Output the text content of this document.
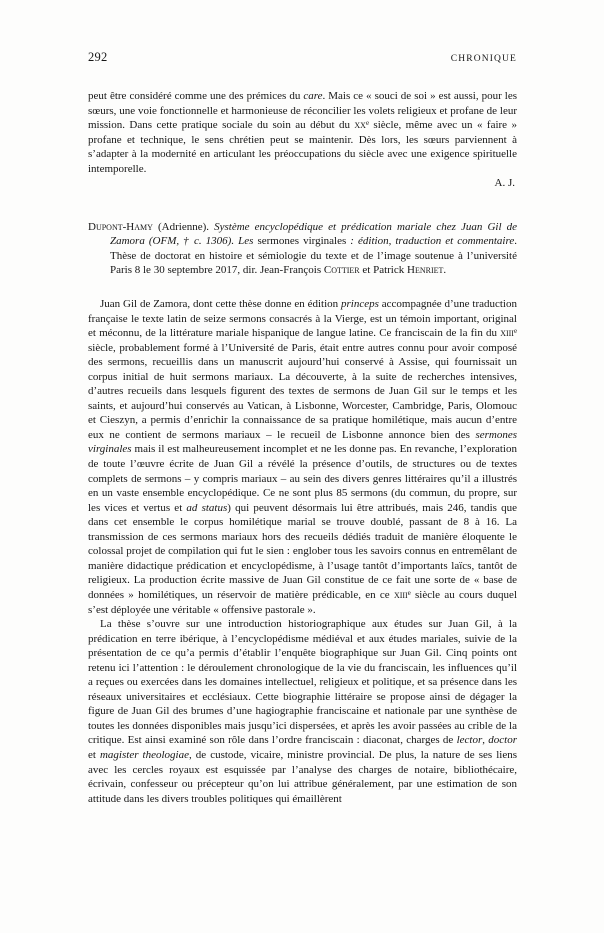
292	CHRONIQUE

peut être considéré comme une des prémices du care. Mais ce « souci de soi » est aussi, pour les sœurs, une voie fonctionnelle et harmonieuse de réconcilier les volets religieux et profane de leur mission. Dans cette pratique sociale du soin au début du $xx^e$ siècle, même avec un « faire » profane et technique, le sens chrétien peut se maintenir. Dès lors, les sœurs parviennent à s’adapter à la modernité en articulant les préoccupations du siècle avec une exigence spirituelle intemporelle.

A. J.

Dupont-Hamy (Adrienne). Système encyclopédique et prédication mariale chez Juan Gil de Zamora (OFM, † c. 1306). Les sermones virginales : édition, traduction et commentaire. Thèse de doctorat en histoire et sémiologie du texte et de l’image soutenue à l’université Paris 8 le 30 septembre 2017, dir. Jean-François Cottier et Patrick Henriet.

Juan Gil de Zamora, dont cette thèse donne en édition princeps accompagnée d’une traduction française le texte latin de seize sermons consacrés à la Vierge, est un témoin important, original et méconnu, de la littérature mariale hispanique de langue latine. Ce franciscain de la fin du xiii$^e$ siècle, probablement formé à l’Université de Paris, était entre autres connu pour avoir composé des sermons, recueillis dans un manuscrit aujourd’hui conservé à Assise, qui fournissait un corpus initial de huit sermons mariaux. La découverte, à la suite de recherches intensives, d’autres recueils dans lesquels figurent des textes de sermons de Juan Gil sur le temps et les saints, et aujourd’hui conservés au Vatican, à Lisbonne, Worcester, Cambridge, Paris, Olomouc et Cieszyn, a permis d’enrichir la connaissance de sa pratique homilétique, mais aucun d’entre eux ne contient de sermons mariaux – le recueil de Lisbonne annonce bien des sermones virginales mais il est malheureusement incomplet et ne les donne pas. En revanche, l’exploration de toute l’œuvre écrite de Juan Gil a révélé la présence d’outils, de structures ou de textes complets de sermons – y compris mariaux – au sein des divers genres littéraires qu’il a illustrés en un vaste ensemble encyclopédique. Ce ne sont plus 85 sermons (du commun, du propre, sur les vices et vertus et ad status) qui peuvent désormais lui être attribués, mais 246, tandis que dans cet ensemble le corpus homilétique marial se trouve doublé, passant de 8 à 16. La transmission de ces sermons mariaux hors des recueils dédiés traduit de manière éloquente le colossal projet de compilation qui fut le sien : englober tous les savoirs connus en entremêlant de manière didactique prédication et encyclopédisme, à l’usage tantôt d’importants laïcs, tantôt de religieux. La production écrite massive de Juan Gil constitue de ce fait une sorte de « base de données » homilétiques, un réservoir de matière prédicable, en ce xiii$^e$ siècle au cours duquel s’est déployée une véritable « offensive pastorale ».

La thèse s’ouvre sur une introduction historiographique aux études sur Juan Gil, à la prédication en terre ibérique, à l’encyclopédisme médiéval et aux études mariales, suivie de la présentation de ce qu’a permis d’établir l’enquête biographique sur Juan Gil. Cinq points ont retenu ici l’attention : le déroulement chronologique de la vie du franciscain, les influences qu’il a reçues ou exercées dans les domaines intellectuel, religieux et politique, et sa présence dans les réseaux universitaires et ecclésiaux. Cette biographie littéraire se propose ainsi de dégager la figure de Juan Gil des brumes d’une hagiographie franciscaine et nationale par une synthèse de toutes les données disponibles mais jusqu’ici dispersées, et après les avoir passées au crible de la critique. Est ainsi examiné son rôle dans l’ordre franciscain : diaconat, charges de lector, doctor et magister theologiae, de custode, vicaire, ministre provincial. De plus, la nature de ses liens avec les cercles royaux est esquissée par l’analyse des charges de notaire, bibliothécaire, écrivain, confesseur ou précepteur qu’on lui attribue généralement, par une estimation de son attitude dans les divers troubles politiques qui émaillèrent
